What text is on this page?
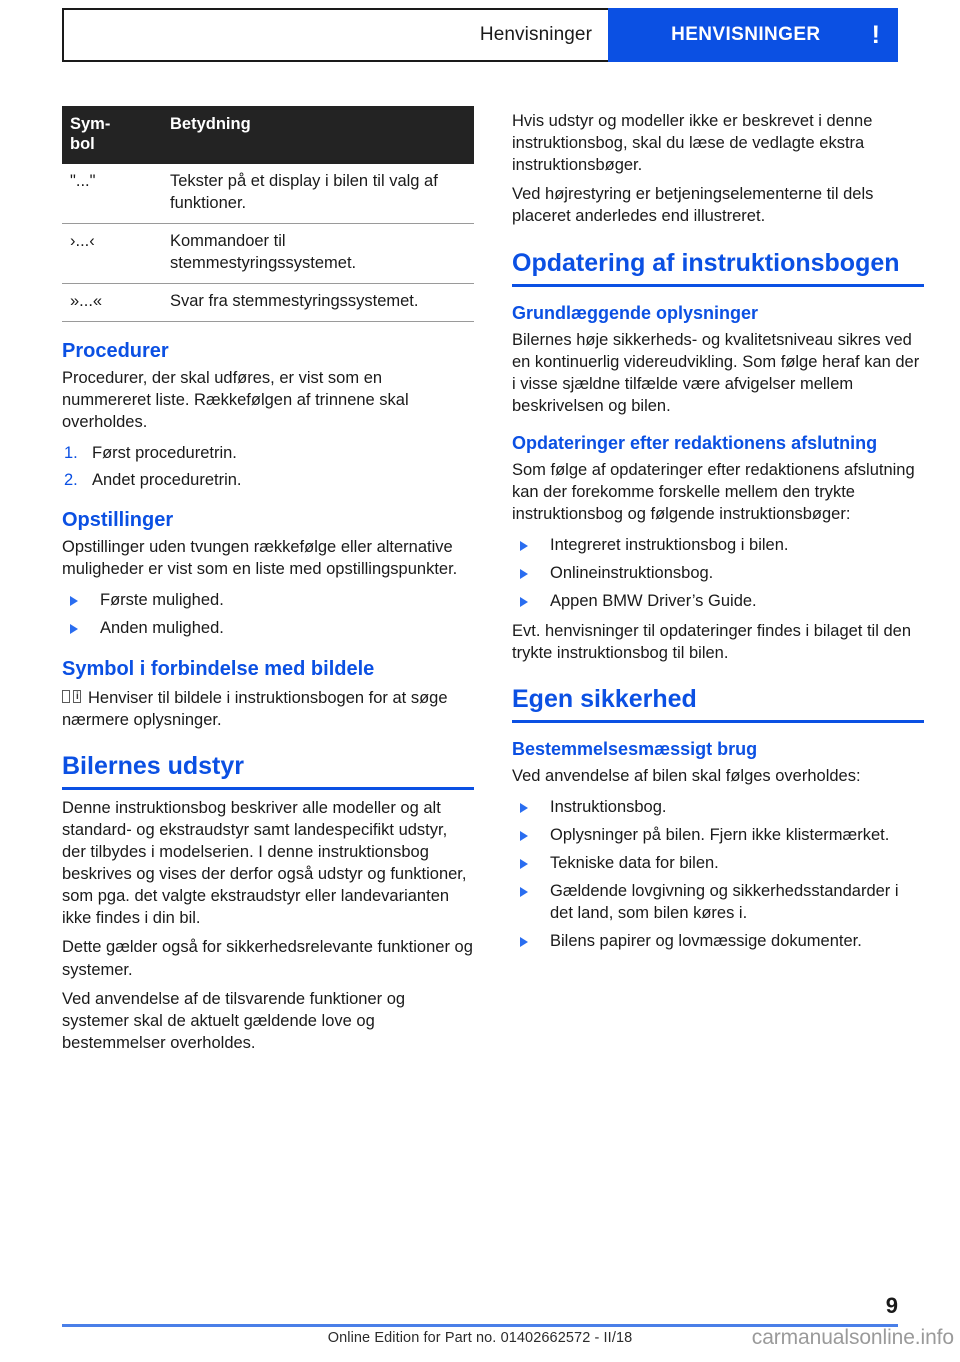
Henvisninger	HENVISNINGER	!
Sym-
bol	Betydning
"..."	Tekster på et display i bilen til valg af funktioner.
›...‹	Kommandoer til stemmestyringssystemet.
»...«	Svar fra stemmestyringssystemet.
Procedurer

Procedurer, der skal udføres, er vist som en nummereret liste. Rækkefølgen af trinnene skal overholdes.

1. Først proceduretrin.
2. Andet proceduretrin.
Opstillinger

Opstillinger uden tvungen rækkefølge eller alternative muligheder er vist som en liste med opstillingspunkter.

Første mulighed.
Anden mulighed.
Symbol i forbindelse med bildele

i Henviser til bildele i instruktionsbogen for at søge nærmere oplysninger.

Bilernes udstyr

Denne instruktionsbog beskriver alle modeller og alt standard- og ekstraudstyr samt landespecifikt udstyr, der tilbydes i modelserien. I denne instruktionsbog beskrives og vises der derfor også udstyr og funktioner, som pga. det valgte ekstraudstyr eller landevarianten ikke findes i din bil.

Dette gælder også for sikkerhedsrelevante funktioner og systemer.

Ved anvendelse af de tilsvarende funktioner og systemer skal de aktuelt gældende love og bestemmelser overholdes.

Hvis udstyr og modeller ikke er beskrevet i denne instruktionsbog, skal du læse de vedlagte ekstra instruktionsbøger.

Ved højrestyring er betjeningselementerne til dels placeret anderledes end illustreret.

Opdatering af instruktionsbogen
Grundlæggende oplysninger

Bilernes høje sikkerheds- og kvalitetsniveau sikres ved en kontinuerlig videreudvikling. Som følge heraf kan der i visse sjældne tilfælde være afvigelser mellem beskrivelsen og bilen.

Opdateringer efter redaktionens afslutning

Som følge af opdateringer efter redaktionens afslutning kan der forekomme forskelle mellem den trykte instruktionsbog og følgende instruktionsbøger:

Integreret instruktionsbog i bilen.
Onlineinstruktionsbog.
Appen BMW Driver’s Guide.

Evt. henvisninger til opdateringer findes i bilaget til den trykte instruktionsbog til bilen.

Egen sikkerhed
Bestemmelsesmæssigt brug

Ved anvendelse af bilen skal følges overholdes:

Instruktionsbog.
Oplysninger på bilen. Fjern ikke klistermærket.
Tekniske data for bilen.
Gældende lovgivning og sikkerhedsstandarder i det land, som bilen køres i.
Bilens papirer og lovmæssige dokumenter.
9
Online Edition for Part no. 01402662572 - II/18	carmanualsonline.info
